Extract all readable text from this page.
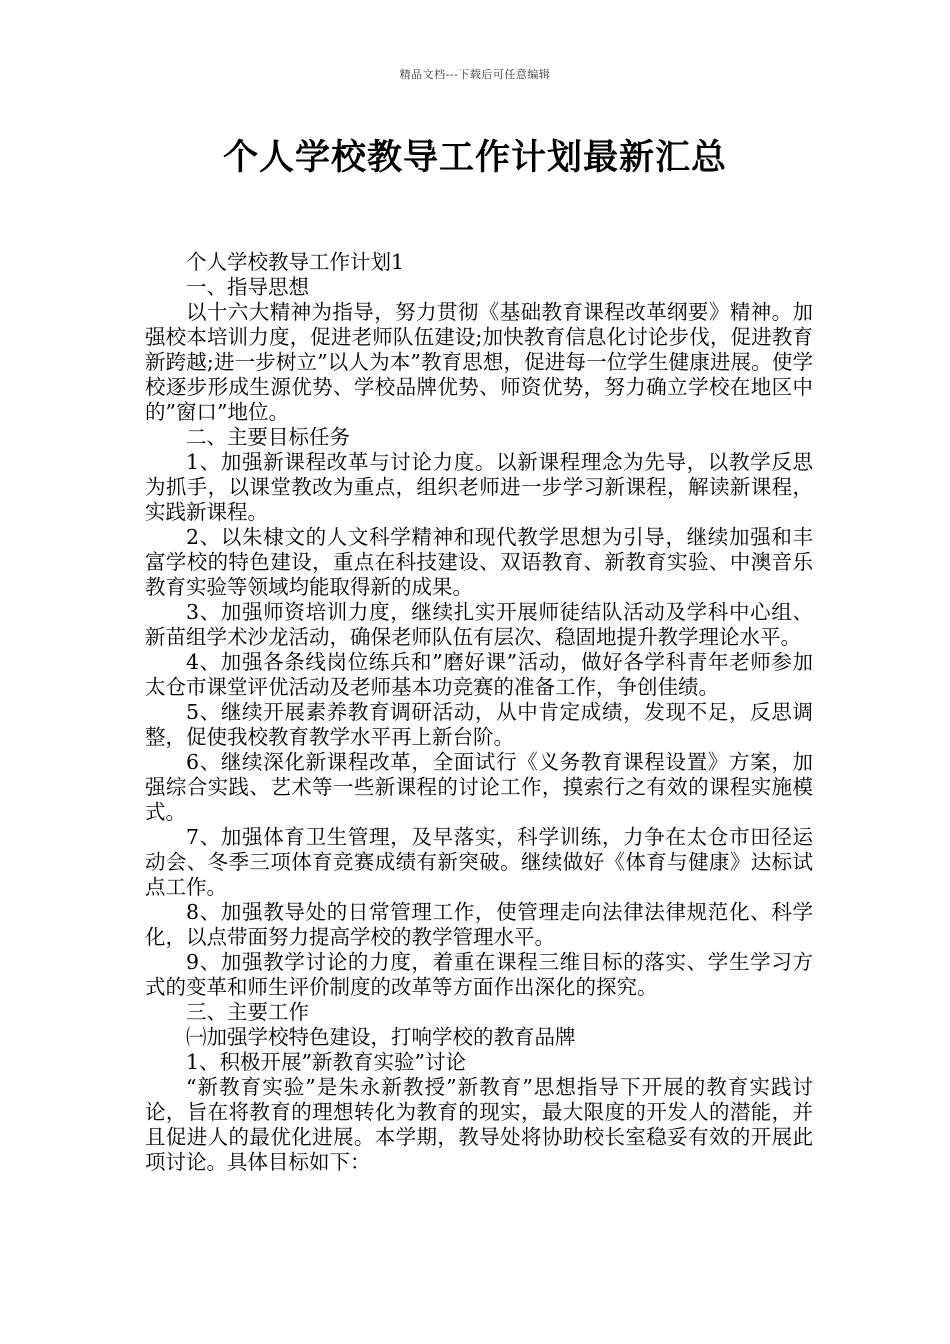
精品文档---下载后可任意编辑
个人学校教导工作计划最新汇总

个人学校教导工作计划1

一、指导思想

以十六大精神为指导，努力贯彻《基础教育课程改革纲要》精神。加强校本培训力度，促进老师队伍建设;加快教育信息化讨论步伐，促进教育新跨越;进一步树立”以人为本”教育思想，促进每一位学生健康进展。使学校逐步形成生源优势、学校品牌优势、师资优势，努力确立学校在地区中的”窗口”地位。

二、主要目标任务

1、加强新课程改革与讨论力度。以新课程理念为先导，以教学反思为抓手，以课堂教改为重点，组织老师进一步学习新课程，解读新课程，实践新课程。

2、以朱棣文的人文科学精神和现代教学思想为引导，继续加强和丰富学校的特色建设，重点在科技建设、双语教育、新教育实验、中澳音乐教育实验等领域均能取得新的成果。

3、加强师资培训力度，继续扎实开展师徒结队活动及学科中心组、新苗组学术沙龙活动，确保老师队伍有层次、稳固地提升教学理论水平。

4、加强各条线岗位练兵和”磨好课”活动，做好各学科青年老师参加太仓市课堂评优活动及老师基本功竞赛的准备工作，争创佳绩。

5、继续开展素养教育调研活动，从中肯定成绩，发现不足，反思调整，促使我校教育教学水平再上新台阶。

6、继续深化新课程改革，全面试行《义务教育课程设置》方案，加强综合实践、艺术等一些新课程的讨论工作，摸索行之有效的课程实施模式。

7、加强体育卫生管理，及早落实，科学训练，力争在太仓市田径运动会、冬季三项体育竞赛成绩有新突破。继续做好《体育与健康》达标试点工作。

8、加强教导处的日常管理工作，使管理走向法律法律规范化、科学化，以点带面努力提高学校的教学管理水平。

9、加强教学讨论的力度，着重在课程三维目标的落实、学生学习方式的变革和师生评价制度的改革等方面作出深化的探究。

三、主要工作

㈠加强学校特色建设，打响学校的教育品牌

1、积极开展”新教育实验”讨论

“新教育实验”是朱永新教授”新教育”思想指导下开展的教育实践讨论，旨在将教育的理想转化为教育的现实，最大限度的开发人的潜能，并且促进人的最优化进展。本学期，教导处将协助校长室稳妥有效的开展此项讨论。具体目标如下：
